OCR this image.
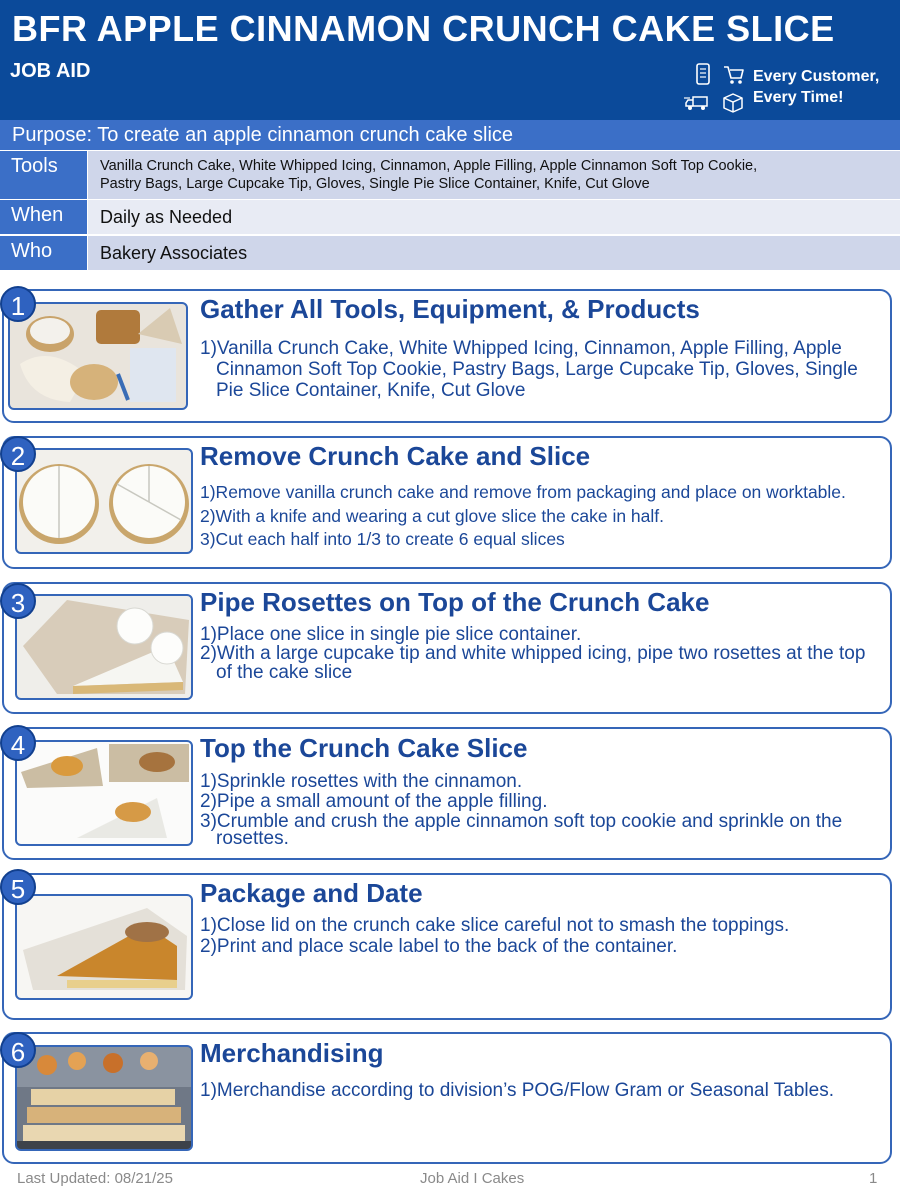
BFR APPLE CINNAMON CRUNCH CAKE SLICE
JOB AID	Every Customer,
Every Time!
Purpose: To create an apple cinnamon crunch cake slice
Tools	Vanilla Crunch Cake, White Whipped Icing, Cinnamon, Apple Filling, Apple Cinnamon Soft Top Cookie,
Pastry Bags, Large Cupcake Tip, Gloves, Single Pie Slice Container, Knife, Cut Glove
When	Daily as Needed
Who	Bakery Associates
1	Gather All Tools, Equipment, & Products
1)Vanilla Crunch Cake, White Whipped Icing, Cinnamon, Apple Filling, Apple Cinnamon Soft Top Cookie, Pastry Bags, Large Cupcake Tip, Gloves, Single Pie Slice Container, Knife, Cut Glove
2	Remove Crunch Cake and Slice
1)Remove vanilla crunch cake and remove from packaging and place on worktable.
2)With a knife and wearing a cut glove slice the cake in half.
3)Cut each half into 1/3 to create 6 equal slices
3	Pipe Rosettes on Top of the Crunch Cake
1)Place one slice in single pie slice container.
2)With a large cupcake tip and white whipped icing, pipe two rosettes at the top of the cake slice
4	Top the Crunch Cake Slice
1)Sprinkle rosettes with the cinnamon.
2)Pipe a small amount of the apple filling.
3)Crumble and crush the apple cinnamon soft top cookie and sprinkle on the rosettes.
5	Package and Date
1)Close lid on the crunch cake slice careful not to smash the toppings.
2)Print and place scale label to the back of the container.
6	Merchandising
1)Merchandise according to division’s POG/Flow Gram or Seasonal Tables.
Last Updated: 08/21/25	Job Aid I Cakes	1
